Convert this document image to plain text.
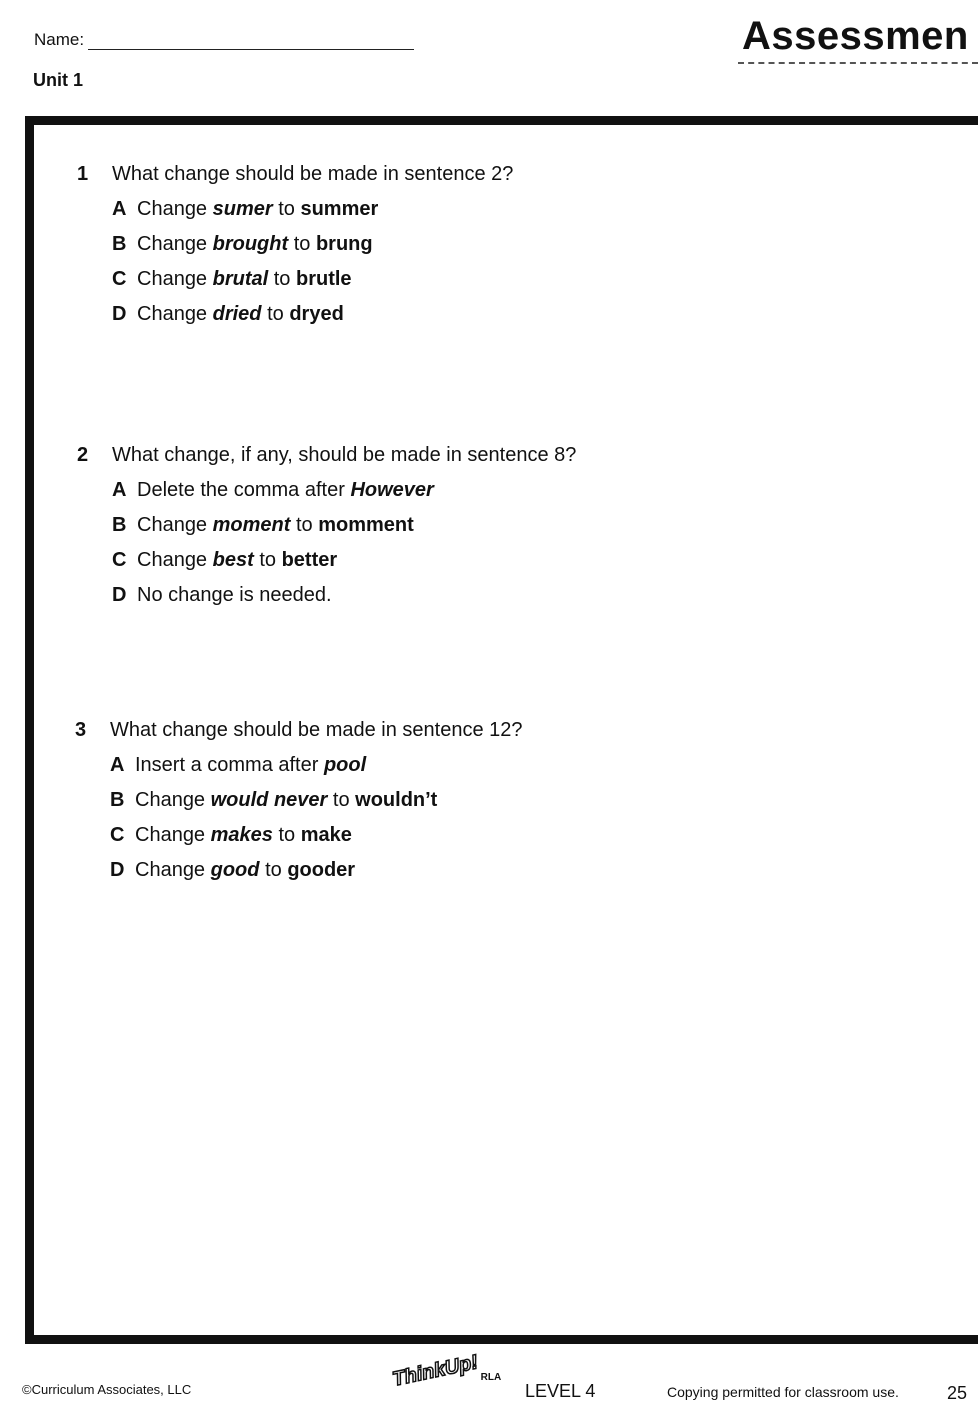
Name:
Unit 1
Assessmen
1	What change should be made in sentence 2?
A Change sumer to summer
B Change brought to brung
C Change brutal to brutle
D Change dried to dryed
2	What change, if any, should be made in sentence 8?
A Delete the comma after However
B Change moment to momment
C Change best to better
D No change is needed.
3	What change should be made in sentence 12?
A Insert a comma after pool
B Change would never to wouldn’t
C Change makes to make
D Change good to gooder
©Curriculum Associates, LLC	ThinkUp! RLA
LEVEL 4	Copying permitted for classroom use.	25
